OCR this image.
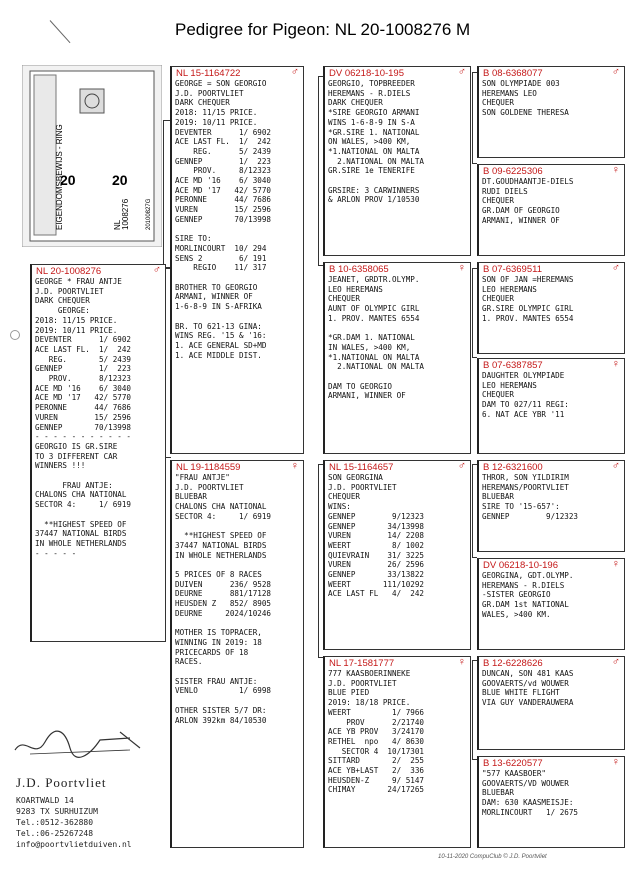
Pedigree for Pigeon: NL 20-1008276 M
20	20
EIGENDOMSBEWIJS - RING	NL 1008276	20100827G
NL 20-1008276	♂
GEORGE * FRAU ANTJE
J.D. POORTVLIET
DARK CHEQUER
GEORGE:
2018: 11/15 PRICE.
2019: 10/11 PRICE.
DEVENTER      1/ 6902
ACE LAST FL.  1/  242
REG.       5/ 2439
GENNEP        1/  223
PROV.      8/12323
ACE MD '16    6/ 3040
ACE MD '17   42/ 5770
PERONNE      44/ 7686
VUREN        15/ 2596
GENNEP       70/13998
- - - - - - - - - - -
GEORGIO IS GR.SIRE
TO 3 DIFFERENT CAR
WINNERS !!!
FRAU ANTJE:
CHALONS CHA NATIONAL
SECTOR 4:     1/ 6919
**HIGHEST SPEED OF
37447 NATIONAL BIRDS
IN WHOLE NETHERLANDS
- - - - -
NL 15-1164722	♂
GEORGE = SON GEORGIO
J.D. POORTVLIET
DARK CHEQUER
2018: 11/15 PRICE.
2019: 10/11 PRICE.
DEVENTER      1/ 6902
ACE LAST FL.  1/  242
REG.      5/ 2439
GENNEP        1/  223
PROV.     8/12323
ACE MD '16    6/ 3040
ACE MD '17   42/ 5770
PERONNE      44/ 7686
VUREN        15/ 2596
GENNEP       70/13998
SIRE TO:
MORLINCOURT  10/ 294
SENS 2        6/ 191
REGIO    11/ 317
BROTHER TO GEORGIO
ARMANI, WINNER OF
1-6-8-9 IN S-AFRIKA
BR. TO 621-13 GINA:
WINS REG. '15 & '16:
1. ACE GENERAL SD+MD
1. ACE MIDDLE DIST.
NL 19-1184559	♀
"FRAU ANTJE"
J.D. POORTVLIET
BLUEBAR
CHALONS CHA NATIONAL
SECTOR 4:     1/ 6919
**HIGHEST SPEED OF
37447 NATIONAL BIRDS
IN WHOLE NETHERLANDS
5 PRICES OF 8 RACES
DUIVEN      236/ 9528
DEURNE      881/17128
HEUSDEN Z   852/ 8905
DEURNE     2024/10246
MOTHER IS TOPRACER,
WINNING IN 2019: 18
PRICECARDS OF 18
RACES.
SISTER FRAU ANTJE:
VENLO         1/ 6998
OTHER SISTER 5/7 DR:
ARLON 392km 84/10530
DV 06218-10-195	♂
GEORGIO, TOPBREEDER
HEREMANS - R.DIELS
DARK CHEQUER
*SIRE GEORGIO ARMANI
WINS 1-6-8-9 IN S-A
*GR.SIRE 1. NATIONAL
ON WALES, >400 KM,
*1.NATIONAL ON MALTA
2.NATIONAL ON MALTA
GR.SIRE 1e TENERIFE
GRSIRE: 3 CARWINNERS
& ARLON PROV 1/10530
B 10-6358065	♀
JEANET, GRDTR.OLYMP.
LEO HEREMANS
CHEQUER
AUNT OF OLYMPIC GIRL
1. PROV. MANTES 6554
*GR.DAM 1. NATIONAL
IN WALES, >400 KM,
*1.NATIONAL ON MALTA
2.NATIONAL ON MALTA
DAM TO GEORGIO
ARMANI, WINNER OF
NL 15-1164657	♂
SON GEORGINA
J.D. POORTVLIET
CHEQUER
WINS:
GENNEP        9/12323
GENNEP       34/13998
VUREN        14/ 2208
WEERT         8/ 1002
QUIEVRAIN    31/ 3225
VUREN        26/ 2596
GENNEP       33/13822
WEERT       111/10292
ACE LAST FL   4/  242
NL 17-1581777	♀
777 KAASBOERINNEKE
J.D. POORTVLIET
BLUE PIED
2019: 18/18 PRICE.
WEERT         1/ 7966
PROV      2/21740
ACE YB PROV   3/24170
RETHEL  npo   4/ 8630
SECTOR 4  10/17301
SITTARD       2/  255
ACE YB+LAST   2/  336
HEUSDEN-Z     9/ 5147
CHIMAY       24/17265
B 08-6368077	♂
SON OLYMPIADE 003
HEREMANS LEO
CHEQUER
SON GOLDENE THERESA
B 09-6225306	♀
DT.GOUDHAANTJE-DIELS
RUDI DIELS
CHEQUER
GR.DAM OF GEORGIO
ARMANI, WINNER OF
B 07-6369511	♂
SON OF JAN =HEREMANS
LEO HEREMANS
CHEQUER
GR.SIRE OLYMPIC GIRL
1. PROV. MANTES 6554
B 07-6387857	♀
DAUGHTER OLYMPIADE
LEO HEREMANS
CHEQUER
DAM TO 027/11 REGI:
6. NAT ACE YBR '11
B 12-6321600	♂
THROR, SON YILDIRIM
HEREMANS/POORTVLIET
BLUEBAR
SIRE TO '15-657':
GENNEP        9/12323
DV 06218-10-196	♀
GEORGINA, GDT.OLYMP.
HEREMANS - R.DIELS
-SISTER GEORGIO
GR.DAM 1st NATIONAL
WALES, >400 KM.
B 12-6228626	♂
DUNCAN, SON 481 KAAS
GOOVAERTS/vd WOUWER
BLUE WHITE FLIGHT
VIA GUY VANDERAUWERA
B 13-6220577	♀
"577 KAASBOER"
GOOVAERTS/VD WOUWER
BLUEBAR
DAM: 630 KAASMEISJE:
MORLINCOURT   1/ 2675
J.D. Poortvliet
KOARTWALD 14
9283 TX SURHUIZUM
Tel.:0512-362880
Tel.:06-25267248
info@poortvlietduiven.nl
10-11-2020 CompuClub © J.D. Poortvliet
